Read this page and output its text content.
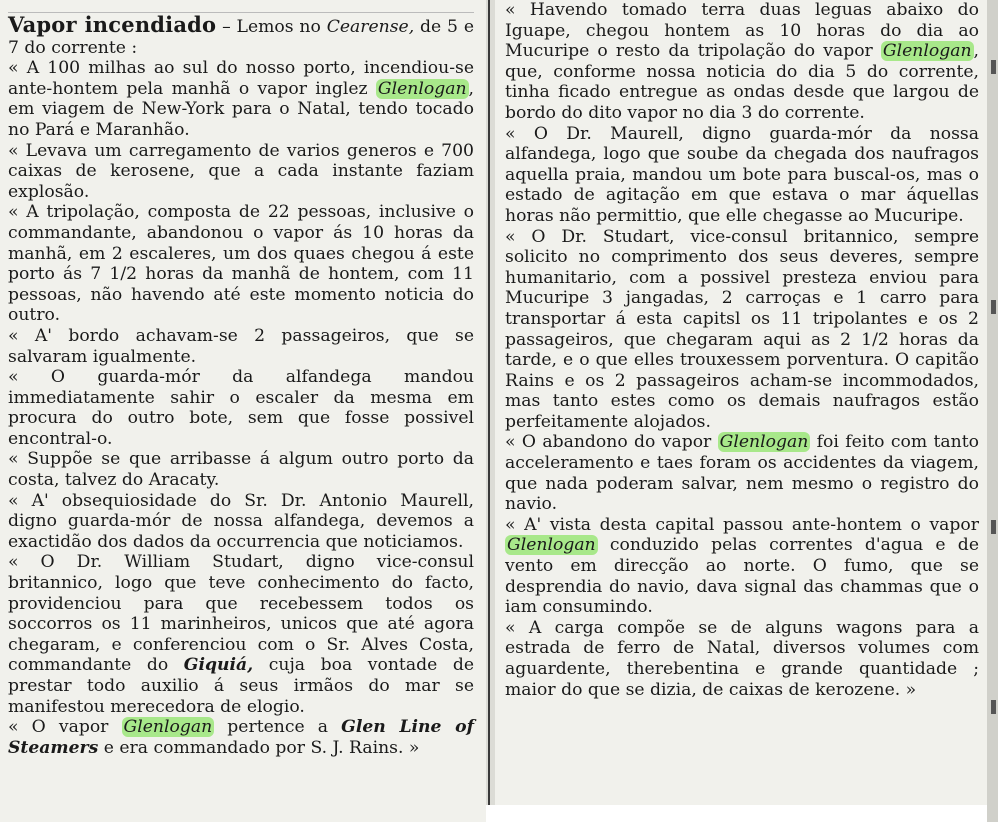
Vapor incendiado – Lemos no Cearense, de 5 e 7 do corrente :

« A 100 milhas ao sul do nosso porto, incendiou-se ante-hontem pela manhã o vapor inglez Glenlogan , em viagem de New-York para o Natal, tendo tocado no Pará e Maranhão.

« Levava um carregamento de varios generos e 700 caixas de kerosene, que a cada instante faziam explosão.

« A tripolação, composta de 22 pessoas, inclusive o commandante, abandonou o vapor ás 10 horas da manhã, em 2 escaleres, um dos quaes chegou á este porto ás 7 1/2 horas da manhã de hontem, com 11 pessoas, não havendo até este momento noticia do outro.

« A' bordo achavam-se 2 passageiros, que se salvaram igualmente.

« O guarda-mór da alfandega mandou immediatamente sahir o escaler da mesma em procura do outro bote, sem que fosse possivel encontral-o.

« Suppõe se que arribasse á algum outro porto da costa, talvez do Aracaty.

« A' obsequiosidade do Sr. Dr. Antonio Maurell, digno guarda-mór de nossa alfandega, devemos a exactidão dos dados da occurrencia que noticiamos.

« O Dr. William Studart, digno vice-consul britannico, logo que teve conhecimento do facto, providenciou para que recebessem todos os soccorros os 11 marinheiros, unicos que até agora chegaram, e conferenciou com o Sr. Alves Costa, commandante do Giquiá, cuja boa vontade de prestar todo auxilio á seus irmãos do mar se manifestou merecedora de elogio.

« O vapor Glenlogan pertence a Glen Line of Steamers e era commandado por S. J. Rains. »

« Havendo tomado terra duas leguas abaixo do Iguape, chegou hontem as 10 horas do dia ao Mucuripe o resto da tripolação do vapor Glenlogan , que, conforme nossa noticia do dia 5 do corrente, tinha ficado entregue as ondas desde que largou de bordo do dito vapor no dia 3 do corrente.

« O Dr. Maurell, digno guarda-mór da nossa alfandega, logo que soube da chegada dos naufragos aquella praia, mandou um bote para buscal-os, mas o estado de agitação em que estava o mar áquellas horas não permittio, que elle chegasse ao Mucuripe.

« O Dr. Studart, vice-consul britannico, sempre solicito no comprimento dos seus deveres, sempre humanitario, com a possivel presteza enviou para Mucuripe 3 jangadas, 2 carroças e 1 carro para transportar á esta capitsl os 11 tripolantes e os 2 passageiros, que chegaram aqui as 2 1/2 horas da tarde, e o que elles trouxessem porventura. O capitão Rains e os 2 passageiros acham-se incommodados, mas tanto estes como os demais naufragos estão perfeitamente alojados.

« O abandono do vapor Glenlogan foi feito com tanto acceleramento e taes foram os accidentes da viagem, que nada poderam salvar, nem mesmo o registro do navio.

« A' vista desta capital passou ante-hontem o vapor Glenlogan conduzido pelas correntes d'agua e de vento em direcção ao norte. O fumo, que se desprendia do navio, dava signal das chammas que o iam consumindo.

« A carga compõe se de alguns wagons para a estrada de ferro de Natal, diversos volumes com aguardente, therebentina e grande quantidade ; maior do que se dizia, de caixas de kerozene. »
